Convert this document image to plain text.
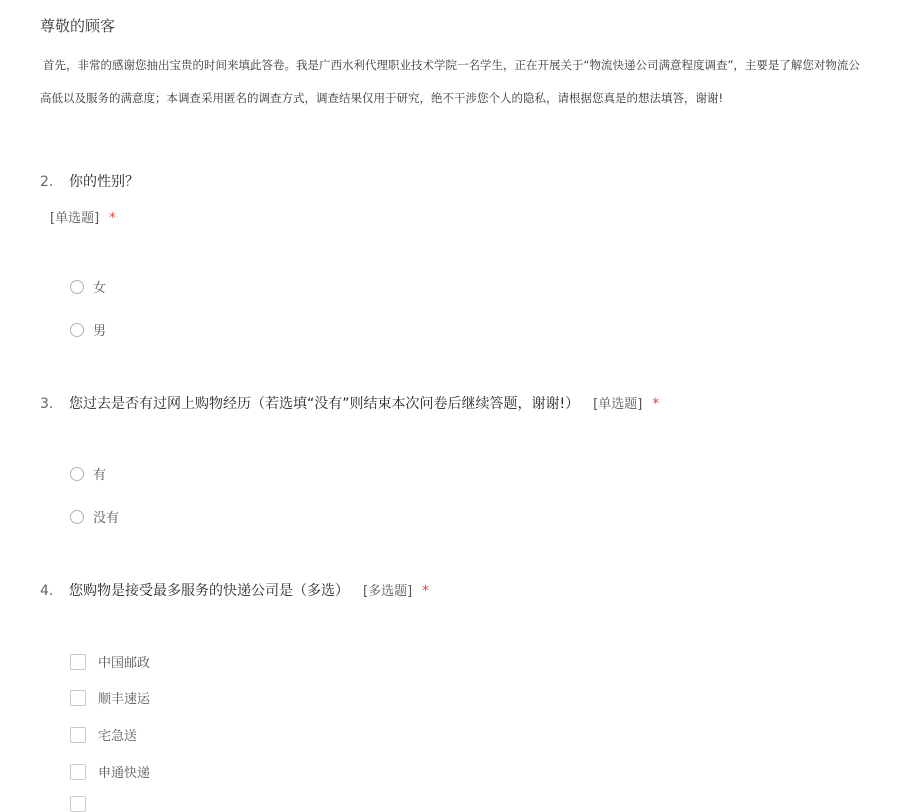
尊敬的顾客
首先，非常的感谢您抽出宝贵的时间来填此答卷。我是广西水利代理职业技术学院一名学生，正在开展关于“物流快递公司满意程度调查”，主要是了解您对物流公
高低以及服务的满意度；本调查采用匿名的调查方式，调查结果仅用于研究，绝不干涉您个人的隐私，请根据您真是的想法填答，谢谢!
2. 你的性别？
[单选题] *
女
男
3. 您过去是否有过网上购物经历（若选填“没有”则结束本次问卷后继续答题，谢谢!） [单选题] *
有
没有
4. 您购物是接受最多服务的快递公司是（多选） [多选题] *
中国邮政
顺丰速运
宅急送
申通快递
